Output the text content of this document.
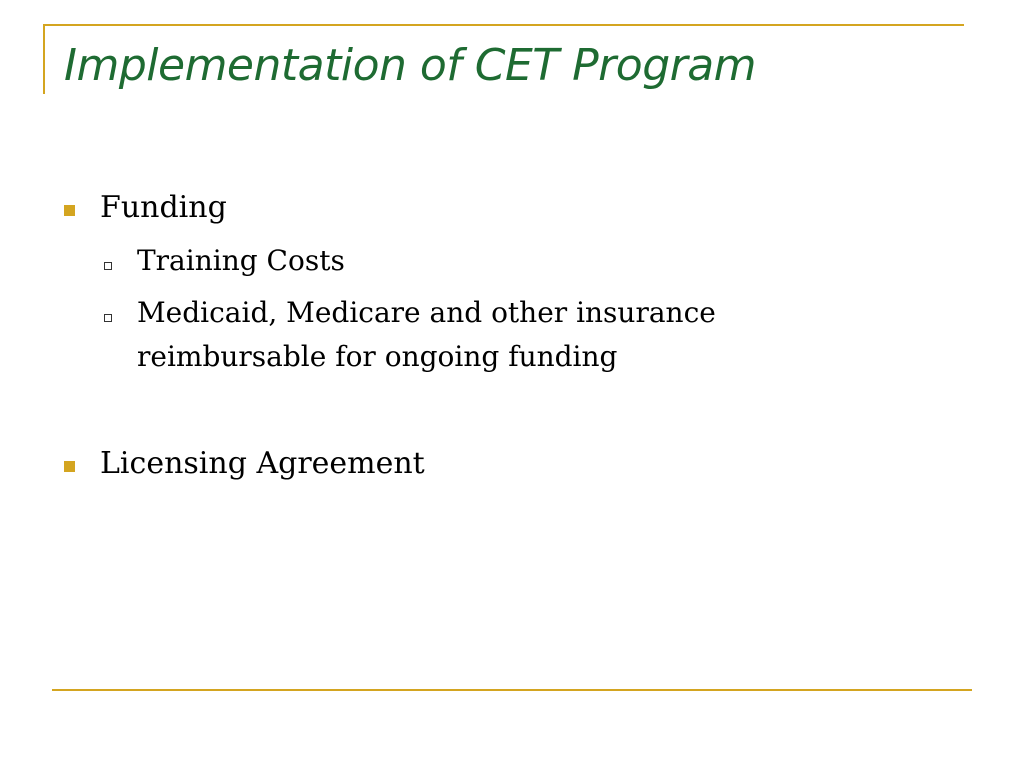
Implementation of CET Program
Funding
Training Costs
Medicaid, Medicare and other insurance
reimbursable for ongoing funding
Licensing Agreement
